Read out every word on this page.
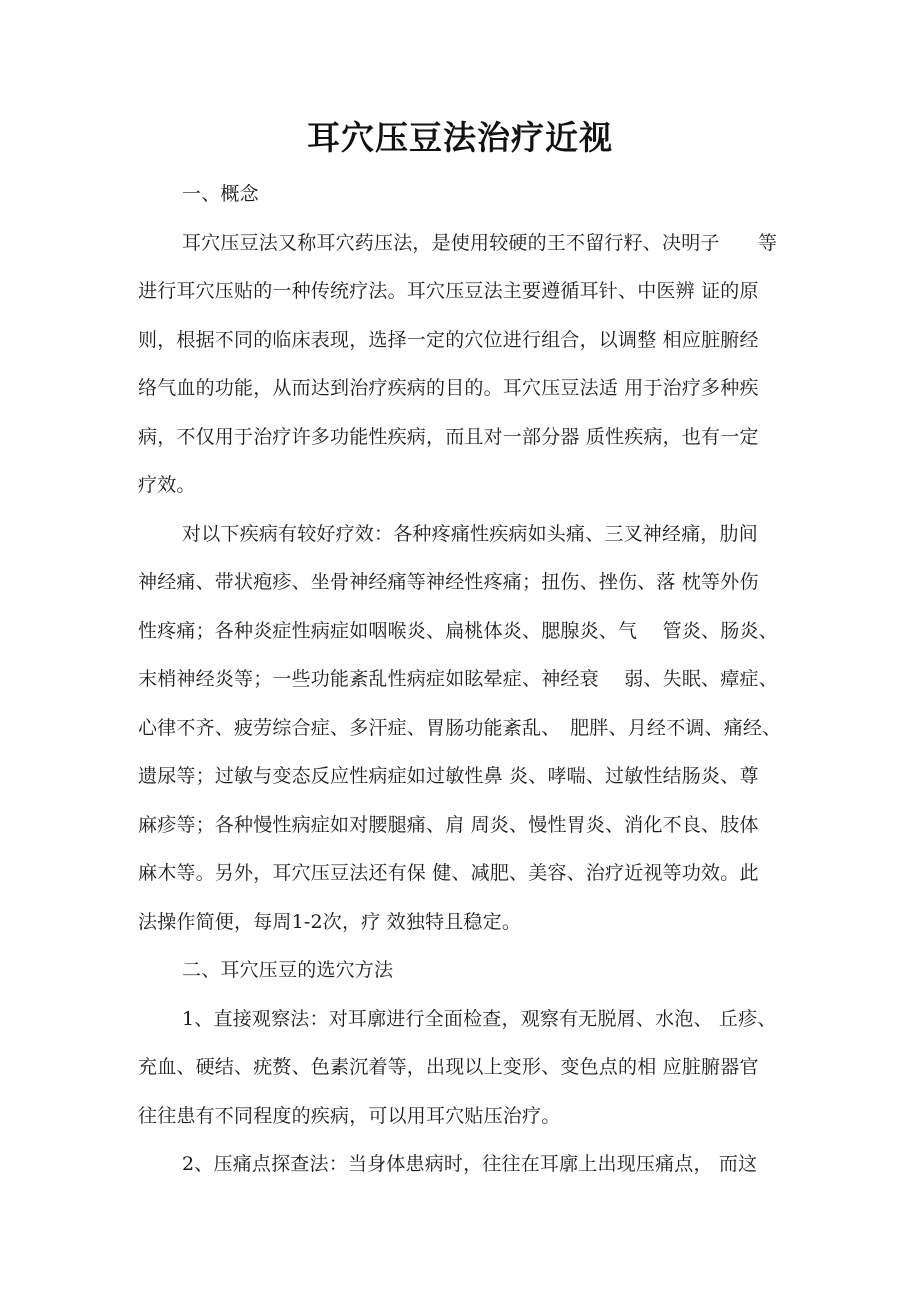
耳穴压豆法治疗近视
一、概念
耳穴压豆法又称耳穴药压法，是使用较硬的王不留行籽、决明子　　等
进行耳穴压贴的一种传统疗法。耳穴压豆法主要遵循耳针、中医辨 证的原
则，根据不同的临床表现，选择一定的穴位进行组合，以调整 相应脏腑经
络气血的功能，从而达到治疗疾病的目的。耳穴压豆法适 用于治疗多种疾
病，不仅用于治疗许多功能性疾病，而且对一部分器 质性疾病，也有一定
疗效。
对以下疾病有较好疗效：各种疼痛性疾病如头痛、三叉神经痛，肋间
神经痛、带状疱疹、坐骨神经痛等神经性疼痛；扭伤、挫伤、落 枕等外伤
性疼痛；各种炎症性病症如咽喉炎、扁桃体炎、腮腺炎、气　 管炎、肠炎、
末梢神经炎等；一些功能紊乱性病症如眩晕症、神经衰　 弱、失眠、瘴症、
心律不齐、疲劳综合症、多汗症、胃肠功能紊乱、　肥胖、月经不调、痛经、
遗尿等；过敏与变态反应性病症如过敏性鼻 炎、哮喘、过敏性结肠炎、尊
麻疹等；各种慢性病症如对腰腿痛、肩 周炎、慢性胃炎、消化不良、肢体
麻木等。另外，耳穴压豆法还有保 健、减肥、美容、治疗近视等功效。此
法操作简便，每周1-2次，疗 效独特且稳定。
二、耳穴压豆的选穴方法
1、直接观察法：对耳廓进行全面检查，观察有无脱屑、水泡、 丘疹、
充血、硬结、疣赘、色素沉着等，出现以上变形、变色点的相 应脏腑器官
往往患有不同程度的疾病，可以用耳穴贴压治疗。
2、压痛点探查法：当身体患病时，往往在耳廓上出现压痛点， 而这
